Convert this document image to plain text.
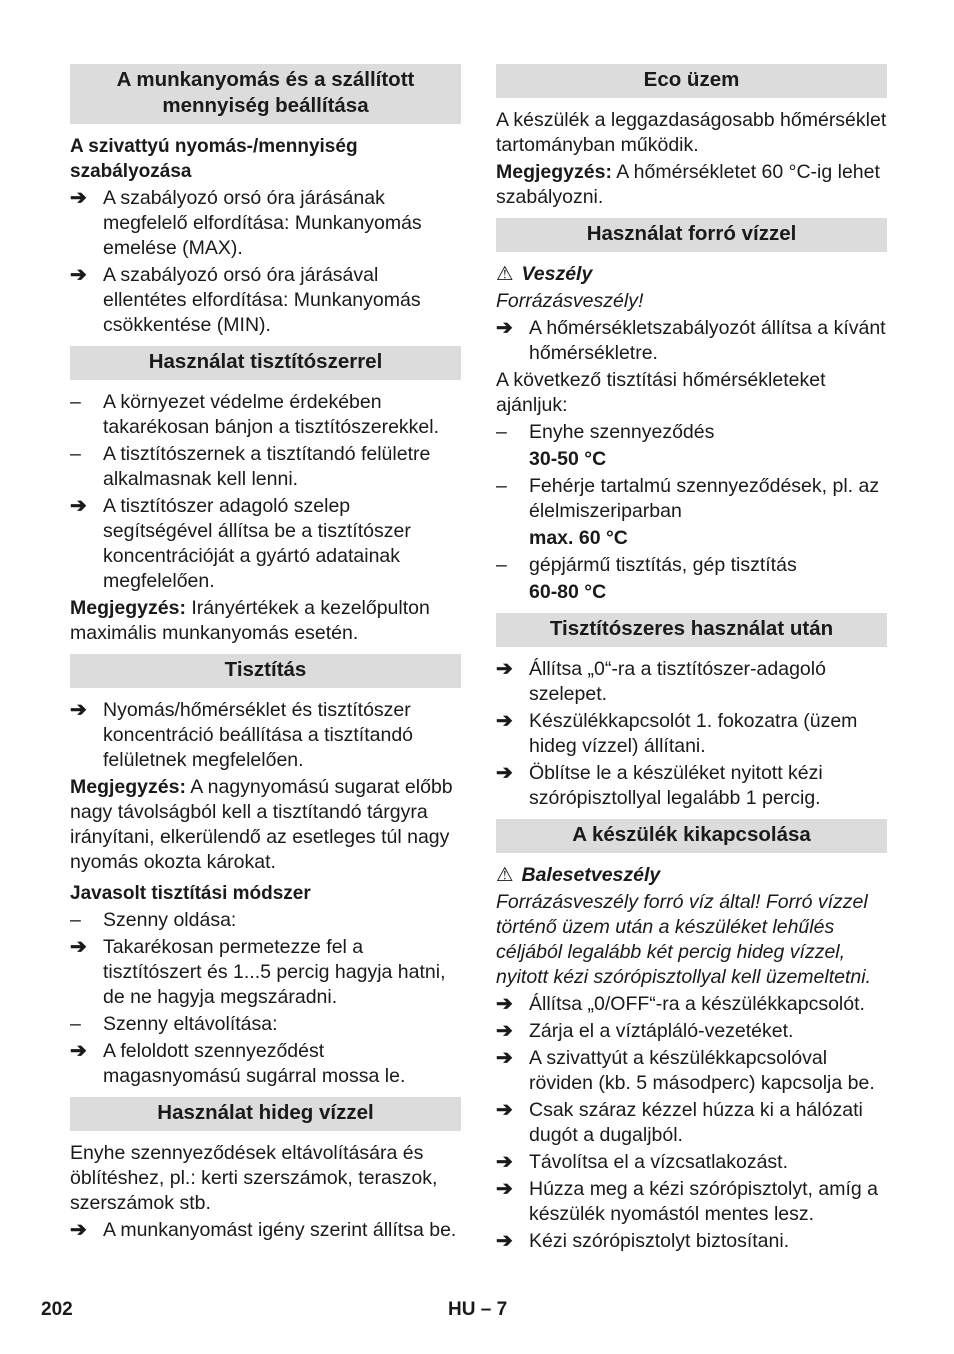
A munkanyomás és a szállított mennyiség beállítása
A szivattyú nyomás-/mennyiség szabályozása
➔ A szabályozó orsó óra járásának megfelelő elfordítása: Munkanyomás emelése (MAX).
➔ A szabályozó orsó óra járásával ellentétes elfordítása: Munkanyomás csökkentése (MIN).
Használat tisztítószerrel
–	A környezet védelme érdekében takarékosan bánjon a tisztítószerekkel.
–	A tisztítószernek a tisztítandó felületre alkalmasnak kell lenni.
➔ A tisztítószer adagoló szelep segítségével állítsa be a tisztítószer koncentrációját a gyártó adatainak megfelelően.
Megjegyzés: Irányértékek a kezelőpulton maximális munkanyomás esetén.
Tisztítás
➔ Nyomás/hőmérséklet és tisztítószer koncentráció beállítása a tisztítandó felületnek megfelelően.
Megjegyzés: A nagynyomású sugarat előbb nagy távolságból kell a tisztítandó tárgyra irányítani, elkerülendő az esetleges túl nagy nyomás okozta károkat.
Javasolt tisztítási módszer
–	Szenny oldása:
➔ Takarékosan permetezze fel a tisztítószert és 1...5 percig hagyja hatni, de ne hagyja megszáradni.
–	Szenny eltávolítása:
➔ A feloldott szennyeződést magasnyomású sugárral mossa le.
Használat hideg vízzel
Enyhe szennyeződések eltávolítására és öblítéshez, pl.: kerti szerszámok, teraszok, szerszámok stb.
➔ A munkanyomást igény szerint állítsa be.
Eco üzem
A készülék a leggazdaságosabb hőmérséklet tartományban működik.
Megjegyzés: A hőmérsékletet 60 °C-ig lehet szabályozni.
Használat forró vízzel
⚠ Veszély
Forrázásveszély!
➔ A hőmérsékletszabályozót állítsa a kívánt hőmérsékletre.
A következő tisztítási hőmérsékleteket ajánljuk:
–	Enyhe szennyeződés
30-50 °C
–	Fehérje tartalmú szennyeződések, pl. az élelmiszeriparban
max. 60 °C
–	gépjármű tisztítás, gép tisztítás
60-80 °C
Tisztítószeres használat után
➔ Állítsa „0“-ra a tisztítószer-adagoló szelepet.
➔ Készülékkapcsolót 1. fokozatra (üzem hideg vízzel) állítani.
➔ Öblítse le a készüléket nyitott kézi szórópisztollyal legalább 1 percig.
A készülék kikapcsolása
⚠ Balesetveszély
Forrázásveszély forró víz által! Forró vízzel történő üzem után a készüléket lehűlés céljából legalább két percig hideg vízzel, nyitott kézi szórópisztollyal kell üzemeltetni.
➔ Állítsa „0/OFF“-ra a készülékkapcsolót.
➔ Zárja el a víztápláló-vezetéket.
➔ A szivattyút a készülékkapcsolóval röviden (kb. 5 másodperc) kapcsolja be.
➔ Csak száraz kézzel húzza ki a hálózati dugót a dugaljból.
➔ Távolítsa el a vízcsatlakozást.
➔ Húzza meg a kézi szórópisztolyt, amíg a készülék nyomástól mentes lesz.
➔ Kézi szórópisztolyt biztosítani.
202	HU – 7
